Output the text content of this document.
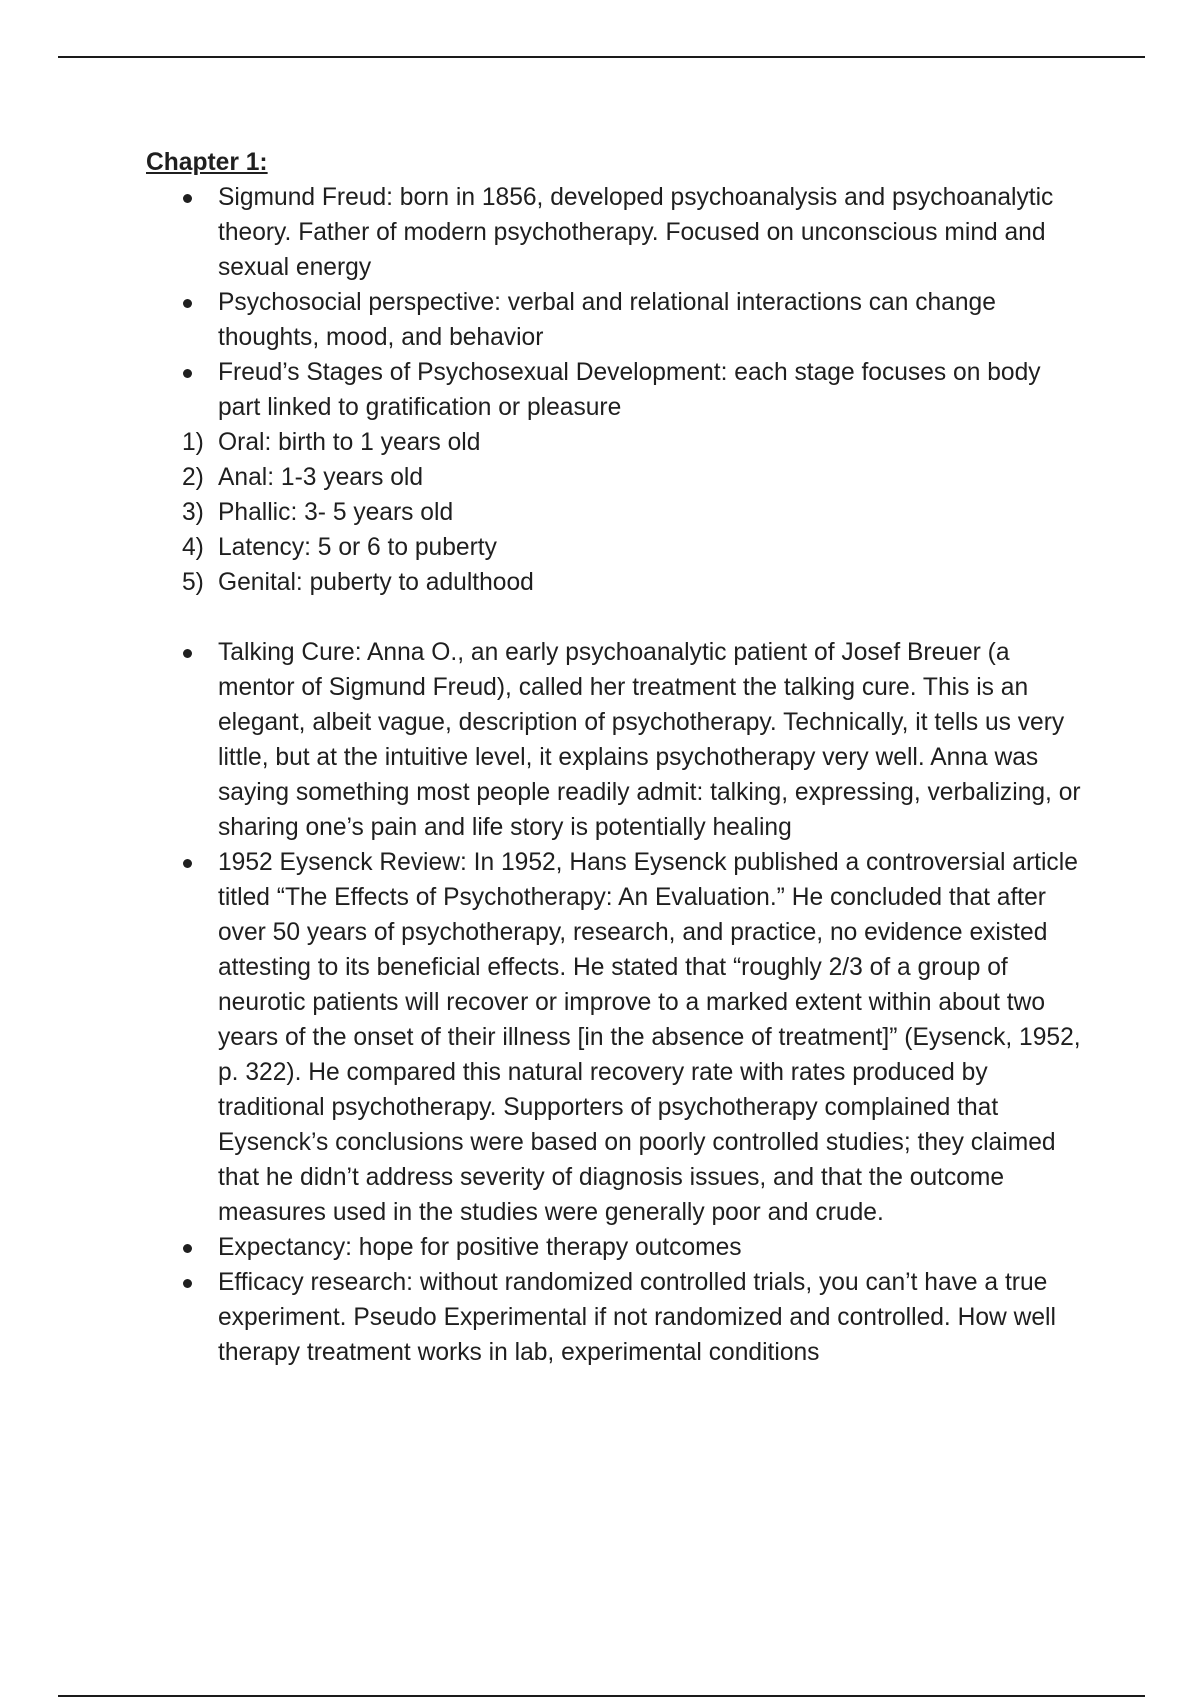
Chapter 1:

Sigmund Freud: born in 1856, developed psychoanalysis and psychoanalytic theory. Father of modern psychotherapy. Focused on unconscious mind and sexual energy
Psychosocial perspective: verbal and relational interactions can change thoughts, mood, and behavior
Freud’s Stages of Psychosexual Development: each stage focuses on body part linked to gratification or pleasure
1) Oral: birth to 1 years old
2) Anal: 1-3 years old
3) Phallic: 3- 5 years old
4) Latency: 5 or 6 to puberty
5) Genital: puberty to adulthood
Talking Cure: Anna O., an early psychoanalytic patient of Josef Breuer (a mentor of Sigmund Freud), called her treatment the talking cure. This is an elegant, albeit vague, description of psychotherapy. Technically, it tells us very little, but at the intuitive level, it explains psychotherapy very well. Anna was saying something most people readily admit: talking, expressing, verbalizing, or sharing one’s pain and life story is potentially healing
1952 Eysenck Review: In 1952, Hans Eysenck published a controversial article titled “The Effects of Psychotherapy: An Evaluation.” He concluded that after over 50 years of psychotherapy, research, and practice, no evidence existed attesting to its beneficial effects. He stated that “roughly 2/3 of a group of neurotic patients will recover or improve to a marked extent within about two years of the onset of their illness [in the absence of treatment]” (Eysenck, 1952, p. 322). He compared this natural recovery rate with rates produced by traditional psychotherapy. Supporters of psychotherapy complained that Eysenck’s conclusions were based on poorly controlled studies; they claimed that he didn’t address severity of diagnosis issues, and that the outcome measures used in the studies were generally poor and crude.
Expectancy: hope for positive therapy outcomes
Efficacy research: without randomized controlled trials, you can’t have a true experiment. Pseudo Experimental if not randomized and controlled. How well therapy treatment works in lab, experimental conditions
